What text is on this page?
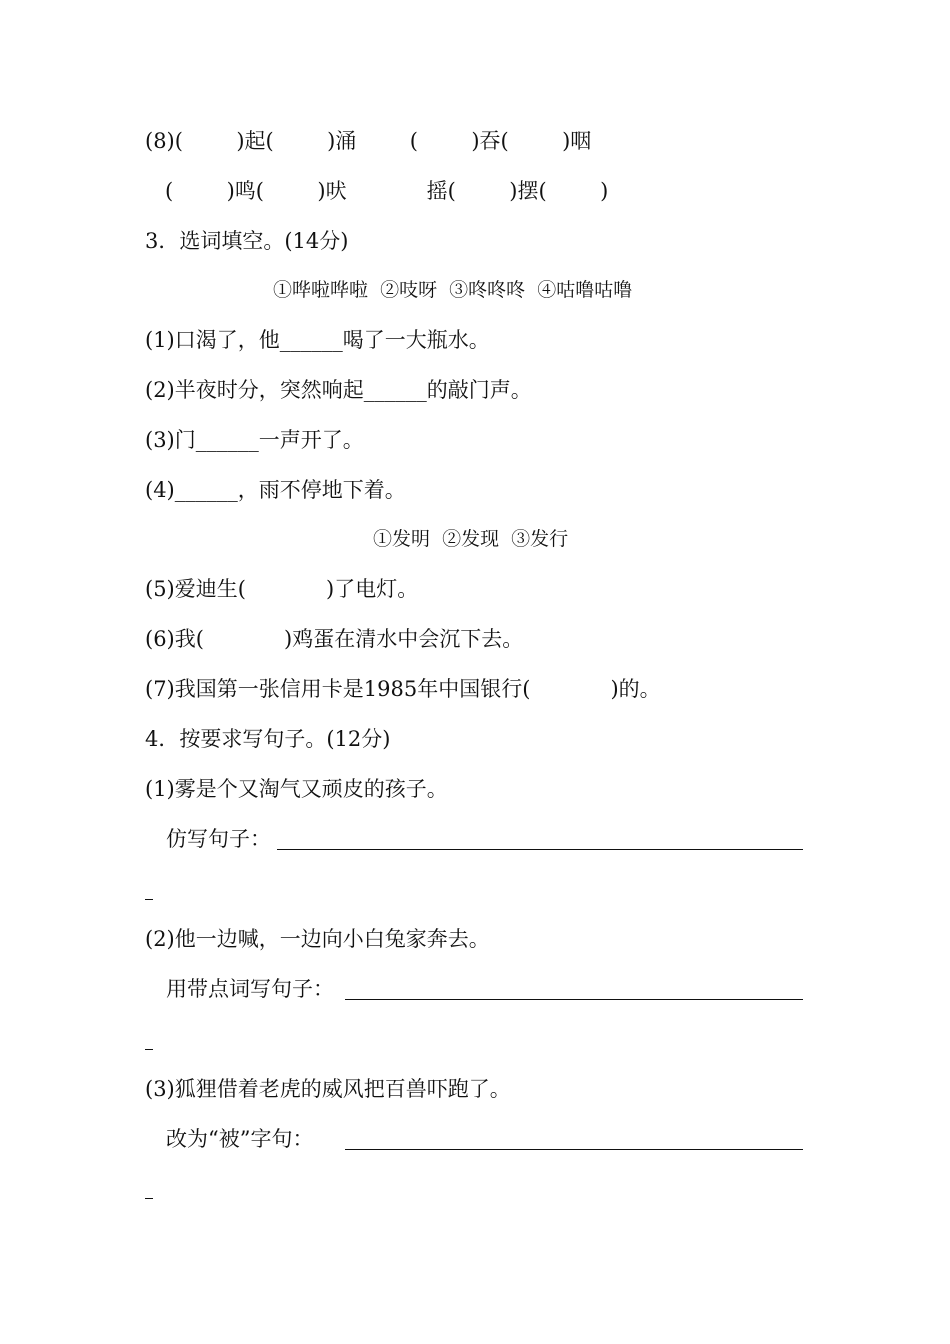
(8)(        )起(        )涌        (        )吞(        )咽
(        )鸣(        )吠            摇(        )摆(        )
3．选词填空。(14分)
①哗啦哗啦  ②吱呀  ③咚咚咚  ④咕噜咕噜
(1)口渴了，他______喝了一大瓶水。
(2)半夜时分，突然响起______的敲门声。
(3)门______一声开了。
(4)______，雨不停地下着。
①发明  ②发现  ③发行
(5)爱迪生(            )了电灯。
(6)我(            )鸡蛋在清水中会沉下去。
(7)我国第一张信用卡是1985年中国银行(            )的。
4．按要求写句子。(12分)
(1)雾是个又淘气又顽皮的孩子。
仿写句子：
(2)他一边喊，一边向小白兔家奔去。
用带点词写句子：
(3)狐狸借着老虎的威风把百兽吓跑了。
改为“被”字句：
